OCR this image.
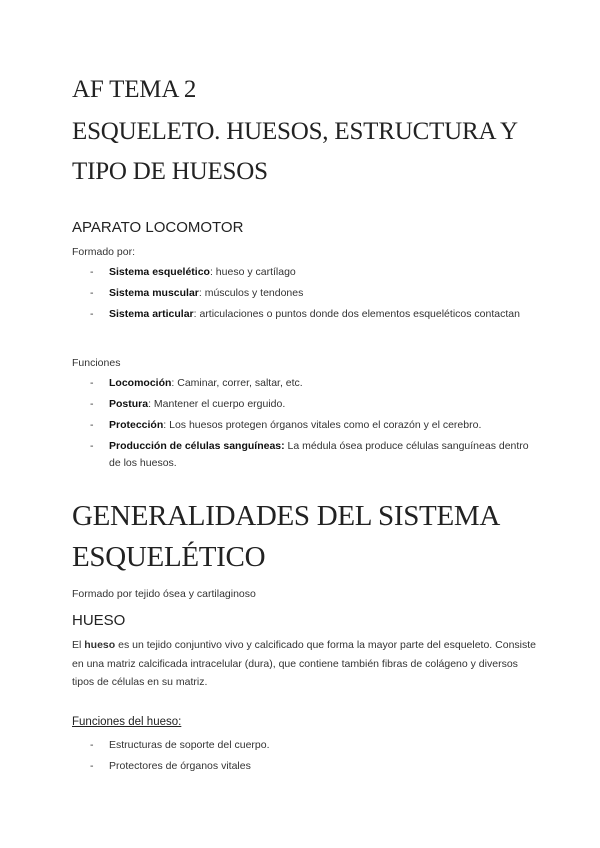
AF TEMA 2
ESQUELETO. HUESOS, ESTRUCTURA Y
TIPO DE HUESOS
APARATO LOCOMOTOR

Formado por:

- Sistema esquelético: hueso y cartílago
- Sistema muscular: músculos y tendones
- Sistema articular: articulaciones o puntos donde dos elementos esqueléticos contactan

Funciones

- Locomoción: Caminar, correr, saltar, etc.
- Postura: Mantener el cuerpo erguido.
- Protección: Los huesos protegen órganos vitales como el corazón y el cerebro.
- Producción de células sanguíneas: La médula ósea produce células sanguíneas dentro de los huesos.
GENERALIDADES DEL SISTEMA
ESQUELÉTICO

Formado por tejido ósea y cartilaginoso

HUESO

El hueso es un tejido conjuntivo vivo y calcificado que forma la mayor parte del esqueleto. Consiste en una matriz calcificada intracelular (dura), que contiene también fibras de colágeno y diversos tipos de células en su matriz.

Funciones del hueso:

- Estructuras de soporte del cuerpo.
- Protectores de órganos vitales
